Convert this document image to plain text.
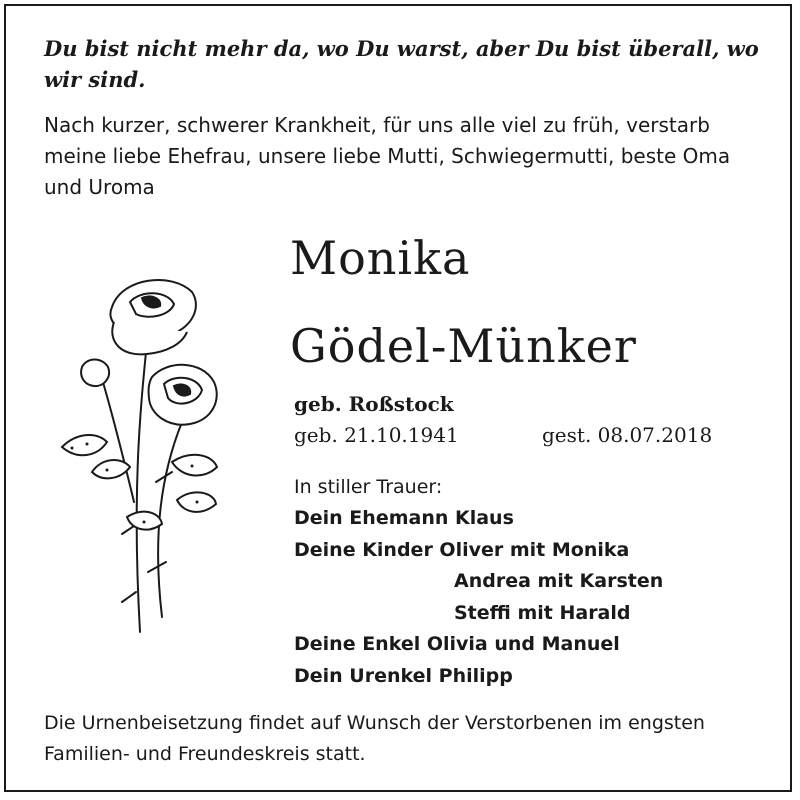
Du bist nicht mehr da, wo Du warst, aber Du bist überall, wo wir sind.

Nach kurzer, schwerer Krankheit, für uns alle viel zu früh, verstarb meine liebe Ehefrau, unsere liebe Mutti, Schwiegermutti, beste Oma und Uroma

Monika
Gödel-Münker
geb. Roßstock
geb. 21.10.1941	gest. 08.07.2018
In stiller Trauer:
Dein Ehemann Klaus
Deine Kinder Oliver mit Monika
Andrea mit Karsten
Steffi mit Harald
Deine Enkel Olivia und Manuel
Dein Urenkel Philipp

Die Urnenbeisetzung findet auf Wunsch der Verstorbenen im engsten Familien- und Freundeskreis statt.
